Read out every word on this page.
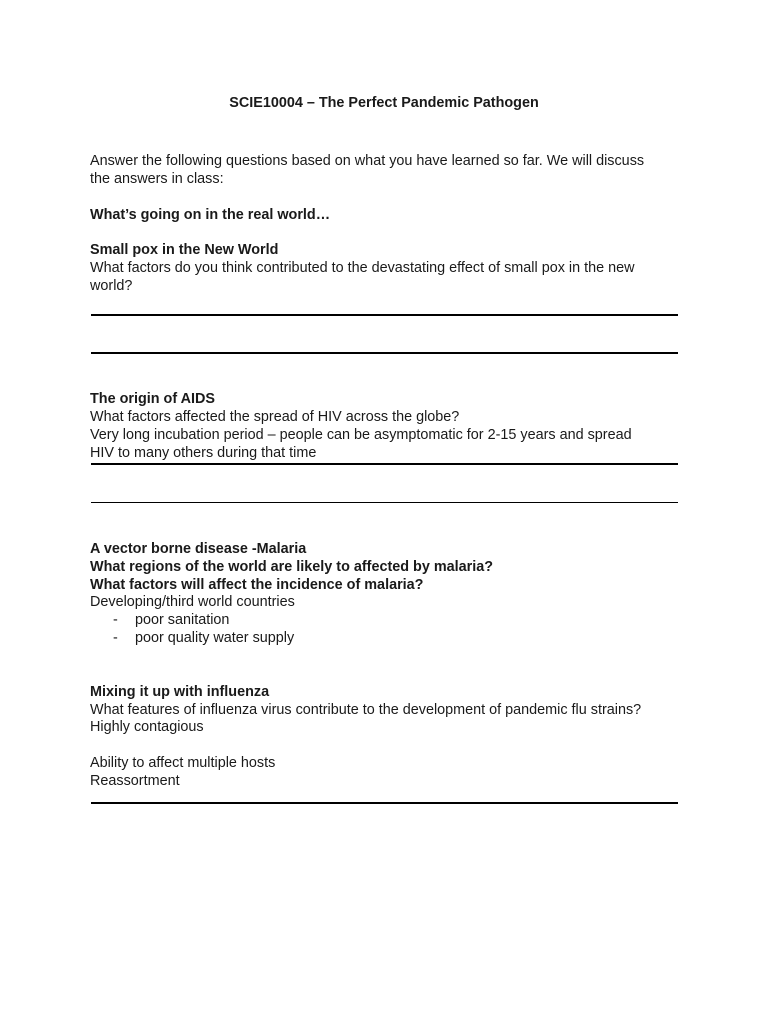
SCIE10004 – The Perfect Pandemic Pathogen

Answer the following questions based on what you have learned so far. We will discuss

the answers in class:

What’s going on in the real world…

Small pox in the New World

What factors do you think contributed to the devastating effect of small pox in the new

world?

The origin of AIDS

What factors affected the spread of HIV across the globe?

Very long incubation period – people can be asymptomatic for 2-15 years and spread

HIV to many others during that time

A vector borne disease -Malaria

What regions of the world are likely to affected by malaria?

What factors will affect the incidence of malaria?

Developing/third world countries

- poor sanitation

- poor quality water supply

Mixing it up with influenza

What features of influenza virus contribute to the development of pandemic flu strains?

Highly contagious

Ability to affect multiple hosts

Reassortment
